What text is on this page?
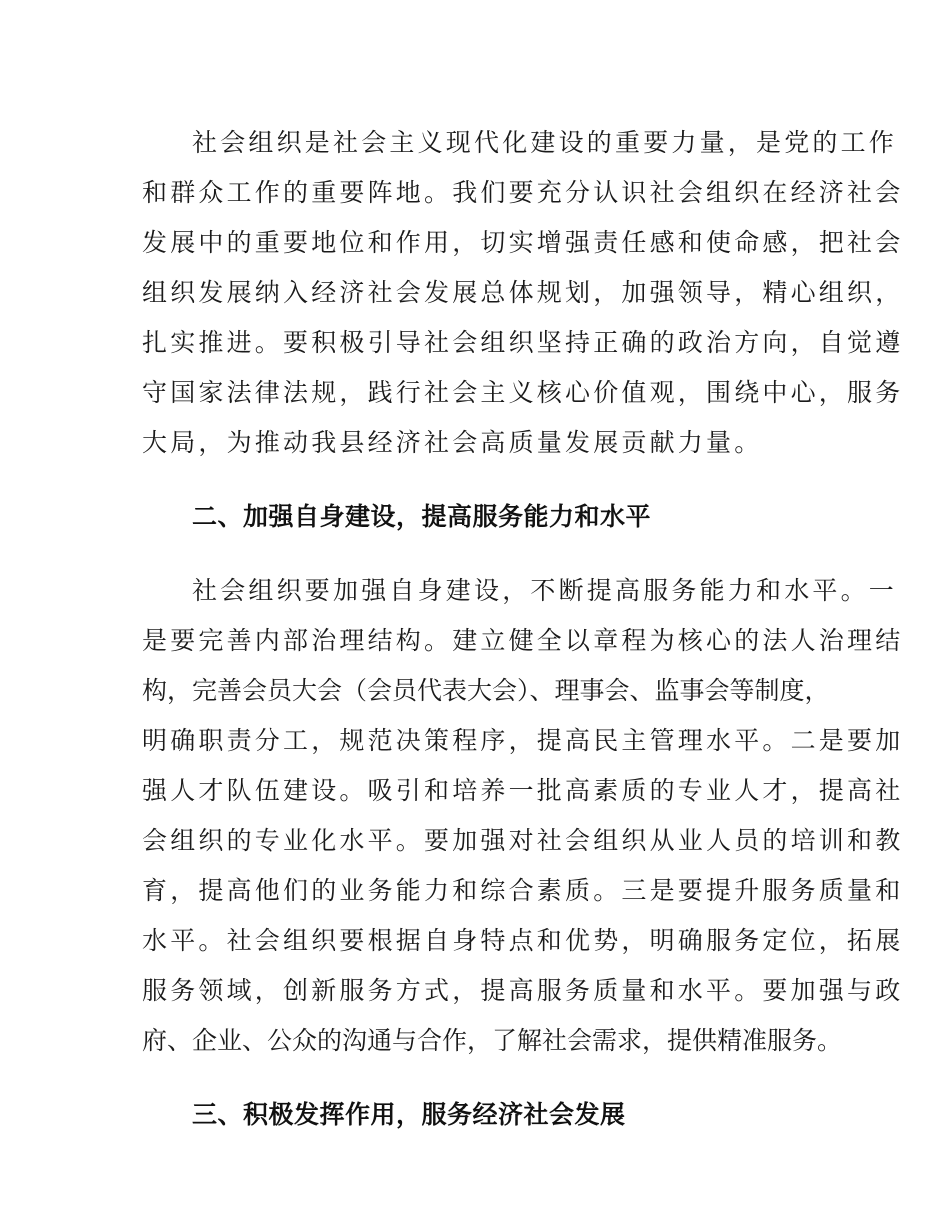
社会组织是社会主义现代化建设的重要力量，是党的工作
和群众工作的重要阵地。我们要充分认识社会组织在经济社会
发展中的重要地位和作用，切实增强责任感和使命感，把社会
组织发展纳入经济社会发展总体规划，加强领导，精心组织，
扎实推进。要积极引导社会组织坚持正确的政治方向，自觉遵
守国家法律法规，践行社会主义核心价值观，围绕中心，服务
大局，为推动我县经济社会高质量发展贡献力量。
二、加强自身建设，提高服务能力和水平
社会组织要加强自身建设，不断提高服务能力和水平。一
是要完善内部治理结构。建立健全以章程为核心的法人治理结
构，完善会员大会（会员代表大会）、理事会、监事会等制度，
明确职责分工，规范决策程序，提高民主管理水平。二是要加
强人才队伍建设。吸引和培养一批高素质的专业人才，提高社
会组织的专业化水平。要加强对社会组织从业人员的培训和教
育，提高他们的业务能力和综合素质。三是要提升服务质量和
水平。社会组织要根据自身特点和优势，明确服务定位，拓展
服务领域，创新服务方式，提高服务质量和水平。要加强与政
府、企业、公众的沟通与合作，了解社会需求，提供精准服务。
三、积极发挥作用，服务经济社会发展
